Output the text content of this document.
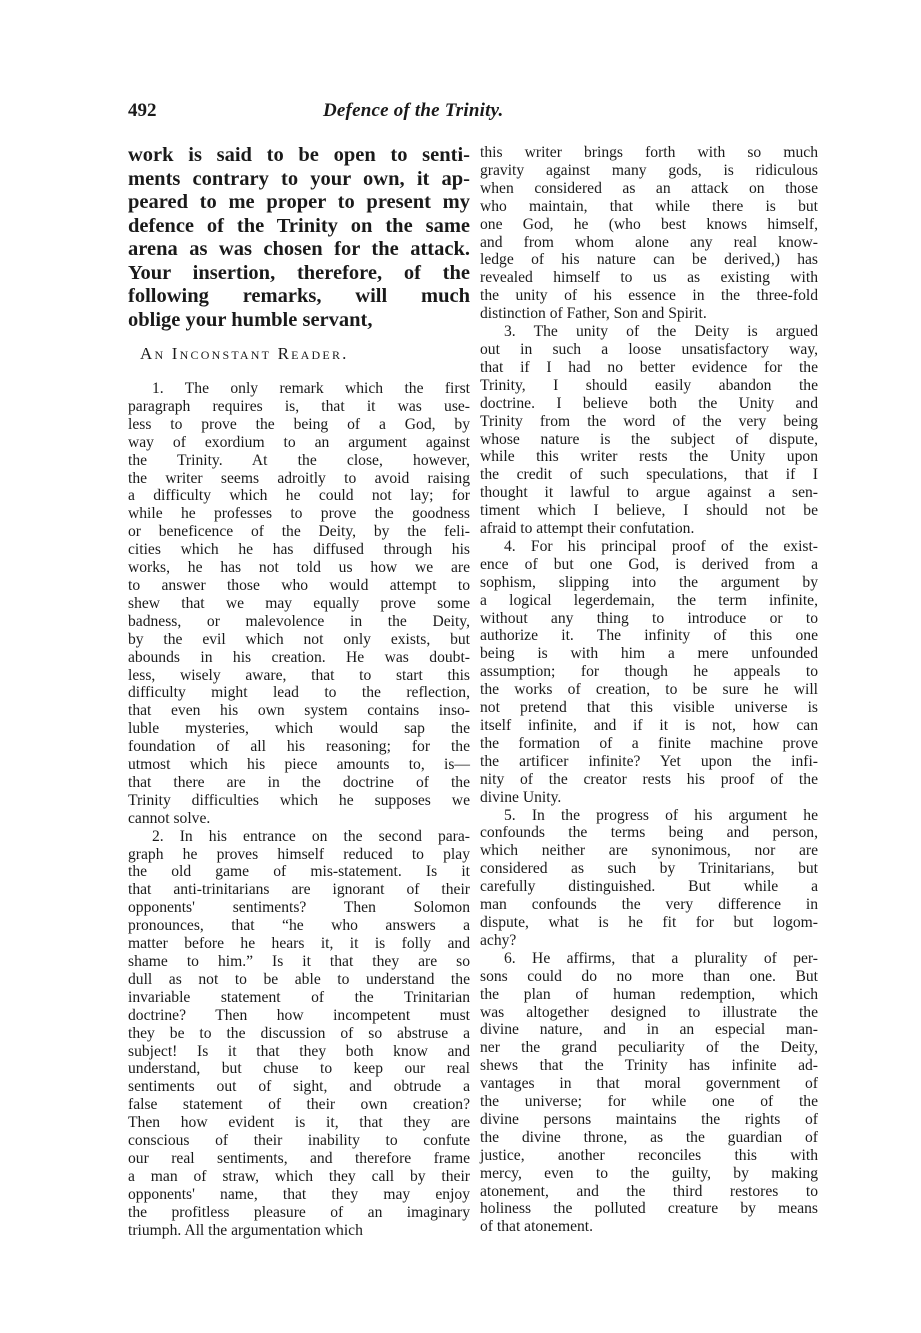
492	Defence of the Trinity.
work is said to be open to senti-
ments contrary to your own, it ap-
peared to me proper to present my
defence of the Trinity on the same
arena as was chosen for the attack.
Your insertion, therefore, of the
following remarks, will much
oblige your humble servant,
An Inconstant Reader.
1. The only remark which the first
paragraph requires is, that it was use-
less to prove the being of a God, by
way of exordium to an argument against
the Trinity. At the close, however,
the writer seems adroitly to avoid raising
a difficulty which he could not lay; for
while he professes to prove the goodness
or beneficence of the Deity, by the feli-
cities which he has diffused through his
works, he has not told us how we are
to answer those who would attempt to
shew that we may equally prove some
badness, or malevolence in the Deity,
by the evil which not only exists, but
abounds in his creation. He was doubt-
less, wisely aware, that to start this
difficulty might lead to the reflection,
that even his own system contains inso-
luble mysteries, which would sap the
foundation of all his reasoning; for the
utmost which his piece amounts to, is—
that there are in the doctrine of the
Trinity difficulties which he supposes we
cannot solve.
2. In his entrance on the second para-
graph he proves himself reduced to play
the old game of mis-statement. Is it
that anti-trinitarians are ignorant of their
opponents' sentiments? Then Solomon
pronounces, that “he who answers a
matter before he hears it, it is folly and
shame to him.” Is it that they are so
dull as not to be able to understand the
invariable statement of the Trinitarian
doctrine? Then how incompetent must
they be to the discussion of so abstruse a
subject! Is it that they both know and
understand, but chuse to keep our real
sentiments out of sight, and obtrude a
false statement of their own creation?
Then how evident is it, that they are
conscious of their inability to confute
our real sentiments, and therefore frame
a man of straw, which they call by their
opponents' name, that they may enjoy
the profitless pleasure of an imaginary
triumph. All the argumentation which
this writer brings forth with so much
gravity against many gods, is ridiculous
when considered as an attack on those
who maintain, that while there is but
one God, he (who best knows himself,
and from whom alone any real know-
ledge of his nature can be derived,) has
revealed himself to us as existing with
the unity of his essence in the three-fold
distinction of Father, Son and Spirit.
3. The unity of the Deity is argued
out in such a loose unsatisfactory way,
that if I had no better evidence for the
Trinity, I should easily abandon the
doctrine. I believe both the Unity and
Trinity from the word of the very being
whose nature is the subject of dispute,
while this writer rests the Unity upon
the credit of such speculations, that if I
thought it lawful to argue against a sen-
timent which I believe, I should not be
afraid to attempt their confutation.
4. For his principal proof of the exist-
ence of but one God, is derived from a
sophism, slipping into the argument by
a logical legerdemain, the term infinite,
without any thing to introduce or to
authorize it. The infinity of this one
being is with him a mere unfounded
assumption; for though he appeals to
the works of creation, to be sure he will
not pretend that this visible universe is
itself infinite, and if it is not, how can
the formation of a finite machine prove
the artificer infinite? Yet upon the infi-
nity of the creator rests his proof of the
divine Unity.
5. In the progress of his argument he
confounds the terms being and person,
which neither are synonimous, nor are
considered as such by Trinitarians, but
carefully distinguished. But while a
man confounds the very difference in
dispute, what is he fit for but logom-
achy?
6. He affirms, that a plurality of per-
sons could do no more than one. But
the plan of human redemption, which
was altogether designed to illustrate the
divine nature, and in an especial man-
ner the grand peculiarity of the Deity,
shews that the Trinity has infinite ad-
vantages in that moral government of
the universe; for while one of the
divine persons maintains the rights of
the divine throne, as the guardian of
justice, another reconciles this with
mercy, even to the guilty, by making
atonement, and the third restores to
holiness the polluted creature by means
of that atonement.
